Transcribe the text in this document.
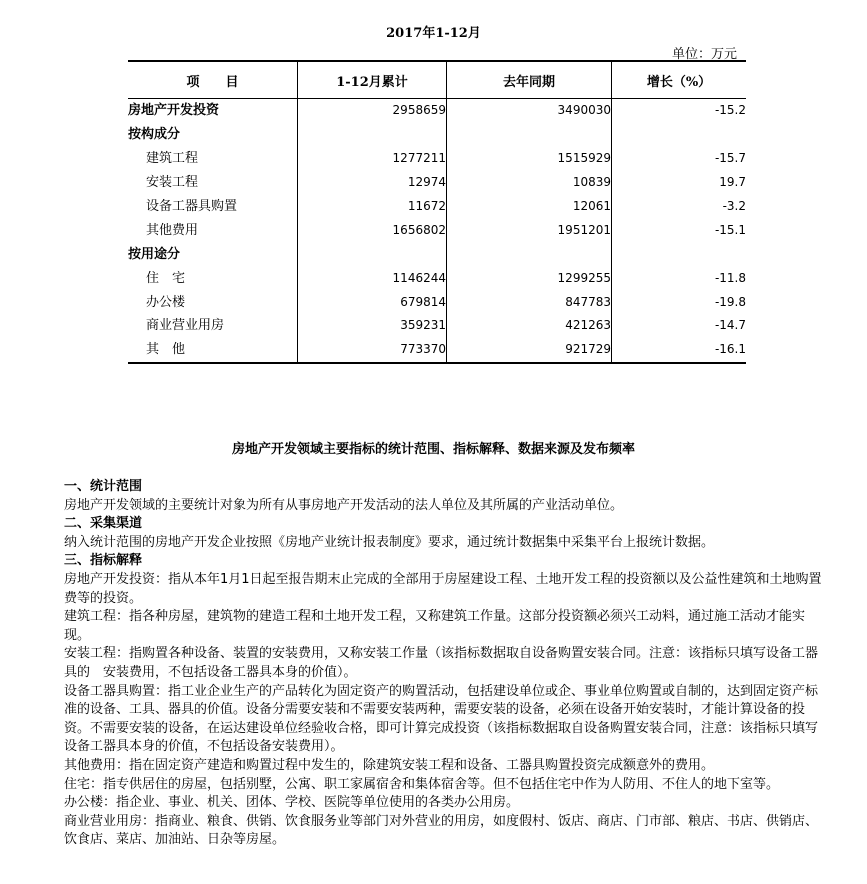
2017年1-12月
单位：万元
项　　目	1-12月累计	去年同期	增长（%）
房地产开发投资	2958659	3490030	-15.2
按构成分			
建筑工程	1277211	1515929	-15.7
安装工程	12974	10839	19.7
设备工器具购置	11672	12061	-3.2
其他费用	1656802	1951201	-15.1
按用途分			
住　宅	1146244	1299255	-11.8
办公楼	679814	847783	-19.8
商业营业用房	359231	421263	-14.7
其　他	773370	921729	-16.1
房地产开发领域主要指标的统计范围、指标解释、数据来源及发布频率

一、统计范围

房地产开发领域的主要统计对象为所有从事房地产开发活动的法人单位及其所属的产业活动单位。

二、采集渠道

纳入统计范围的房地产开发企业按照《房地产业统计报表制度》要求，通过统计数据集中采集平台上报统计数据。

三、指标解释

房地产开发投资：指从本年1月1日起至报告期末止完成的全部用于房屋建设工程、土地开发工程的投资额以及公益性建筑和土地购置费等的投资。

建筑工程：指各种房屋，建筑物的建造工程和土地开发工程，又称建筑工作量。这部分投资额必须兴工动料，通过施工活动才能实现。

安装工程：指购置各种设备、装置的安装费用，又称安装工作量（该指标数据取自设备购置安装合同。注意：该指标只填写设备工器具的　安装费用，不包括设备工器具本身的价值）。

设备工器具购置：指工业企业生产的产品转化为固定资产的购置活动，包括建设单位或企、事业单位购置或自制的，达到固定资产标准的设备、工具、器具的价值。设备分需要安装和不需要安装两种，需要安装的设备，必须在设备开始安装时，才能计算设备的投资。不需要安装的设备，在运达建设单位经验收合格，即可计算完成投资（该指标数据取自设备购置安装合同，注意：该指标只填写设备工器具本身的价值，不包括设备安装费用）。

其他费用：指在固定资产建造和购置过程中发生的，除建筑安装工程和设备、工器具购置投资完成额意外的费用。

住宅：指专供居住的房屋，包括别墅，公寓、职工家属宿舍和集体宿舍等。但不包括住宅中作为人防用、不住人的地下室等。

办公楼：指企业、事业、机关、团体、学校、医院等单位使用的各类办公用房。

商业营业用房：指商业、粮食、供销、饮食服务业等部门对外营业的用房，如度假村、饭店、商店、门市部、粮店、书店、供销店、饮食店、菜店、加油站、日杂等房屋。
